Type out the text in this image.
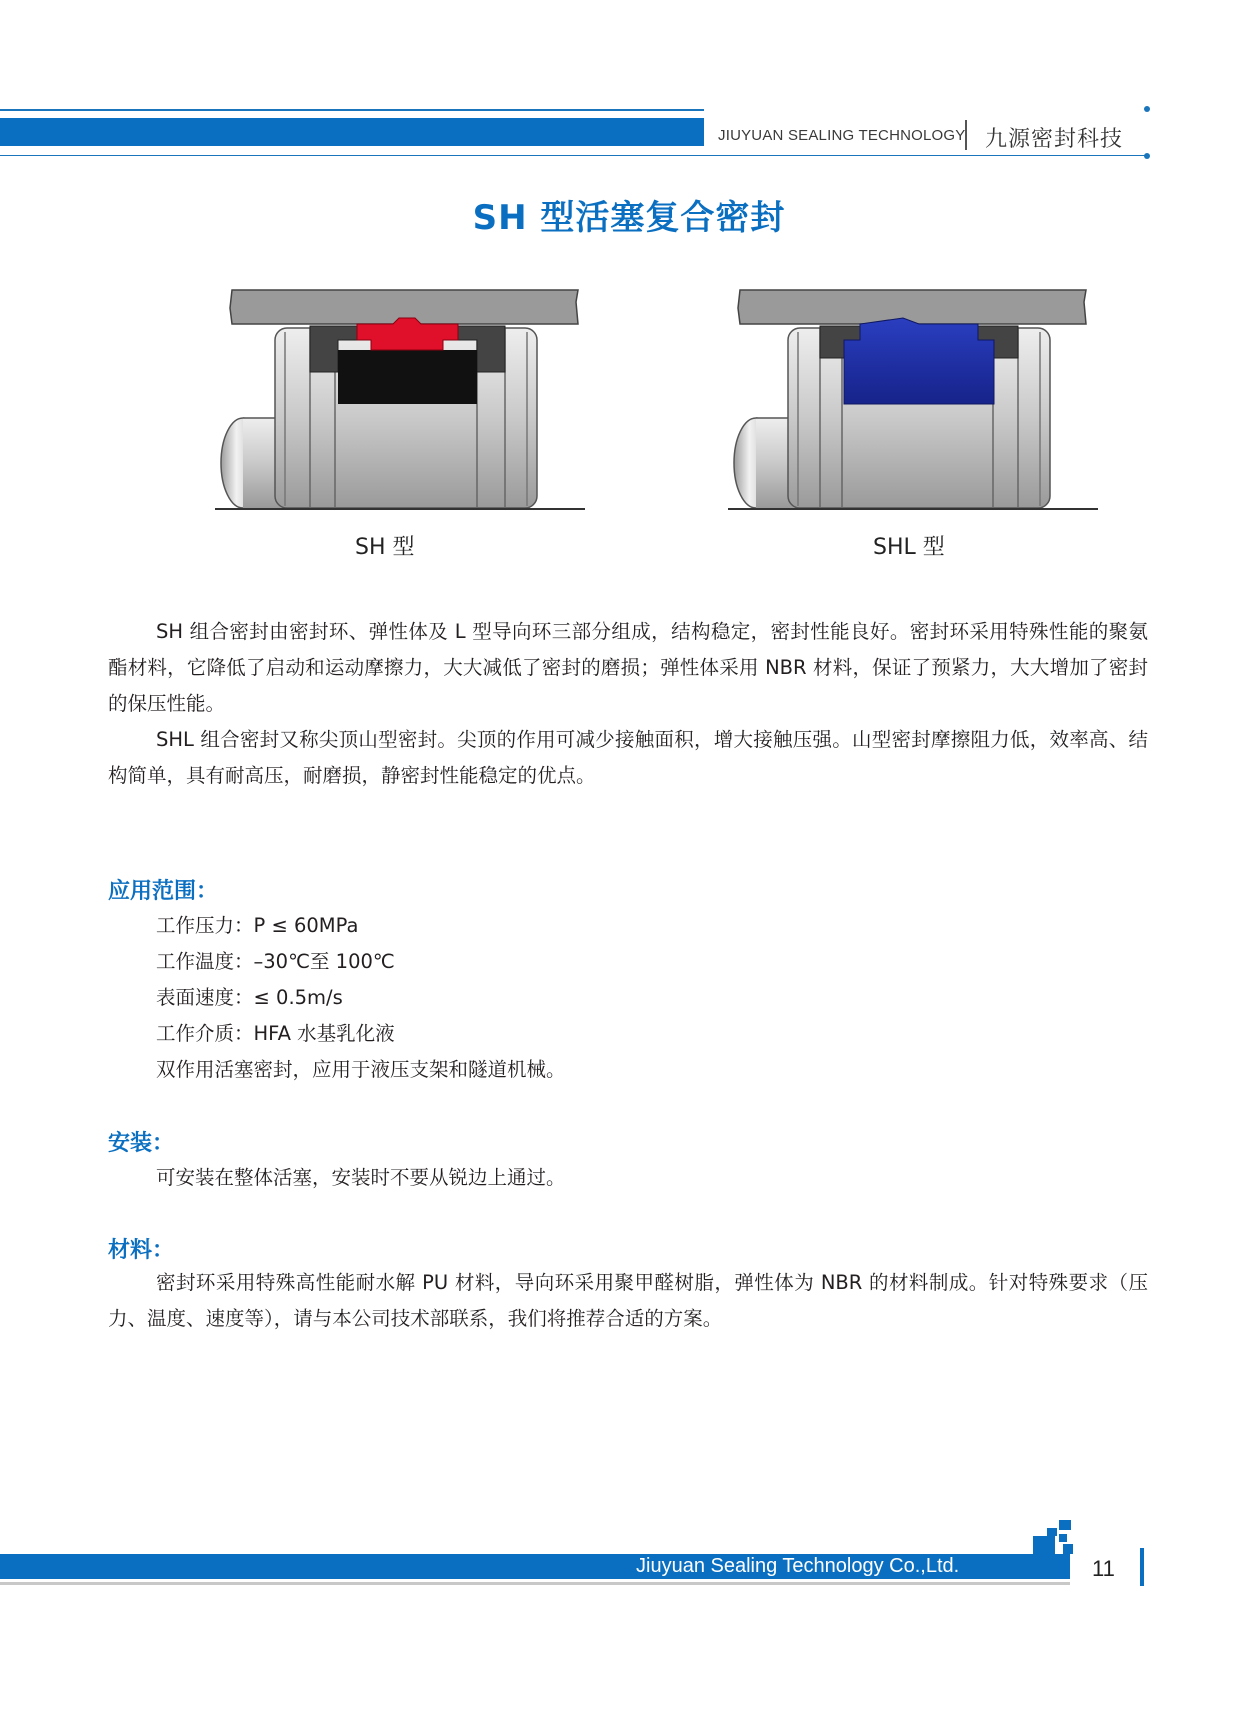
JIUYUAN SEALING TECHNOLOGY 九源密封科技
SH 型活塞复合密封
SH 型	SHL 型

SH 组合密封由密封环、弹性体及 L 型导向环三部分组成，结构稳定，密封性能良好。密封环采用特殊性能的聚氨酯材料，它降低了启动和运动摩擦力，大大减低了密封的磨损；弹性体采用 NBR 材料，保证了预紧力，大大增加了密封的保压性能。

SHL 组合密封又称尖顶山型密封。尖顶的作用可减少接触面积，增大接触压强。山型密封摩擦阻力低，效率高、结构简单，具有耐高压，耐磨损，静密封性能稳定的优点。

应用范围：
工作压力：P ≤ 60MPa
工作温度：–30℃至 100℃
表面速度：≤ 0.5m/s
工作介质：HFA 水基乳化液
双作用活塞密封，应用于液压支架和隧道机械。
安装：
可安装在整体活塞，安装时不要从锐边上通过。
材料：

密封环采用特殊高性能耐水解 PU 材料，导向环采用聚甲醛树脂，弹性体为 NBR 的材料制成。针对特殊要求（压力、温度、速度等），请与本公司技术部联系，我们将推荐合适的方案。

Jiuyuan Sealing Technology Co.,Ltd.	11
